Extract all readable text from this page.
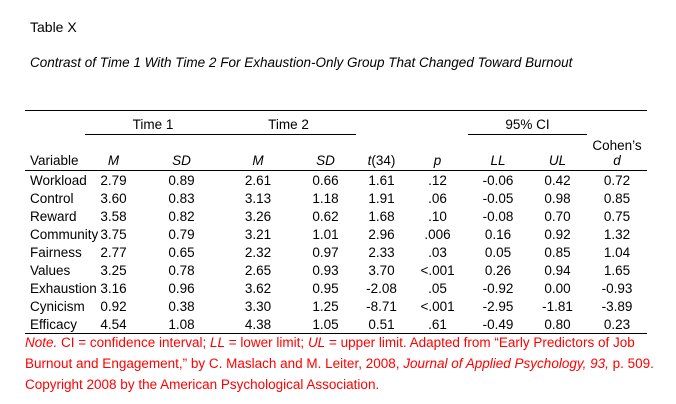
Table X
Contrast of Time 1 With Time 2 For Exhaustion-Only Group That Changed Toward Burnout
	Time 1		Time 2				95% CI		
Variable	M	SD	M	SD	t(34)	p	LL	UL	Cohen’s
d

Workload	2.79	0.89	2.61	0.66	1.61	.12	-0.06	0.42	0.72
Control	3.60	0.83	3.13	1.18	1.91	.06	-0.05	0.98	0.85
Reward	3.58	0.82	3.26	0.62	1.68	.10	-0.08	0.70	0.75
Community	3.75	0.79	3.21	1.01	2.96	.006	0.16	0.92	1.32
Fairness	2.77	0.65	2.32	0.97	2.33	.03	0.05	0.85	1.04
Values	3.25	0.78	2.65	0.93	3.70	<.001	0.26	0.94	1.65
Exhaustion	3.16	0.96	3.62	0.95	-2.08	.05	-0.92	0.00	-0.93
Cynicism	0.92	0.38	3.30	1.25	-8.71	<.001	-2.95	-1.81	-3.89
Efficacy	4.54	1.08	4.38	1.05	0.51	.61	-0.49	0.80	0.23

Note. CI = confidence interval; LL = lower limit; UL = upper limit. Adapted from “Early Predictors of Job Burnout and Engagement,” by C. Maslach and M. Leiter, 2008, Journal of Applied Psychology, 93, p. 509. Copyright 2008 by the American Psychological Association.
